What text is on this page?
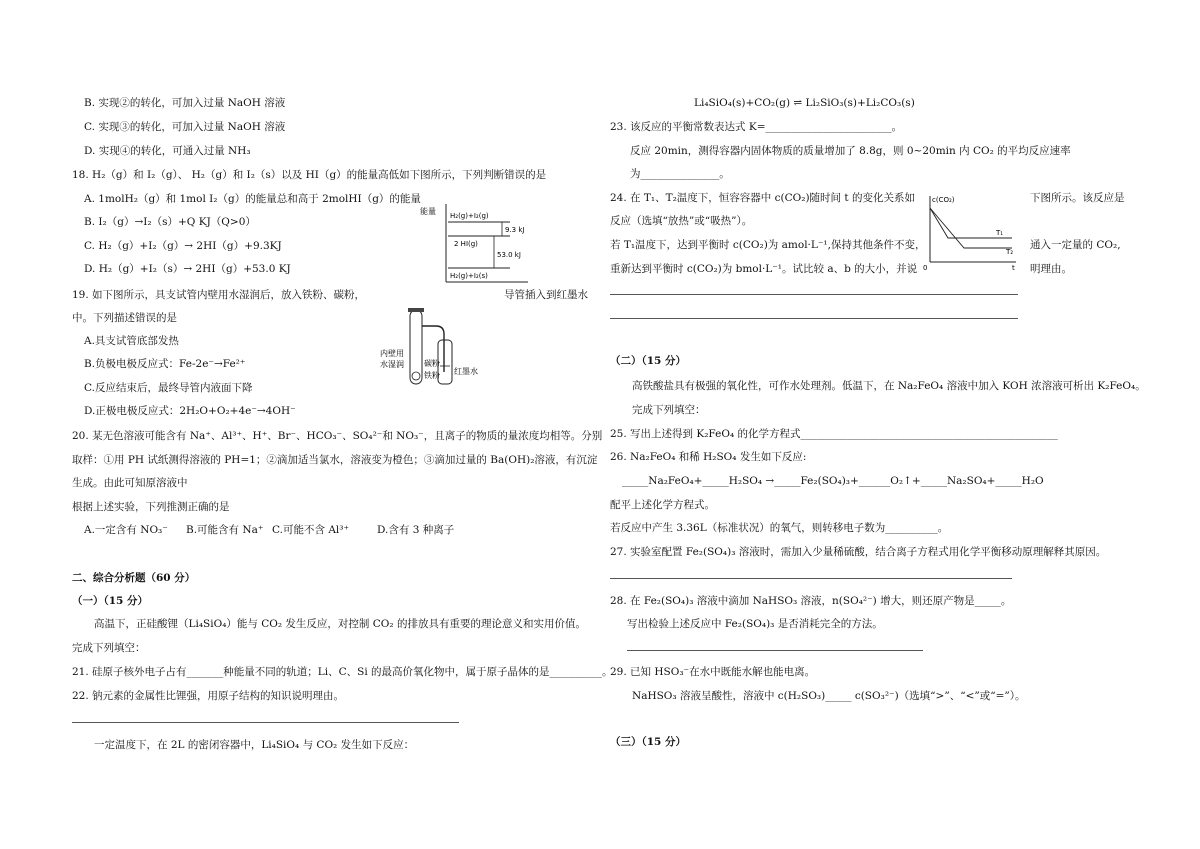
B. 实现②的转化，可加入过量 NaOH 溶液
C. 实现③的转化，可加入过量 NaOH 溶液
D. 实现④的转化，可通入过量 NH₃
18. H₂（g）和 I₂（g）、 H₂（g）和 I₂（s）以及 HI（g）的能量高低如下图所示，下列判断错误的是
A. 1molH₂（g）和 1mol I₂（g）的能量总和高于 2molHI（g）的能量
B. I₂（g）→I₂（s）+Q KJ（Q>0）
C. H₂（g）+I₂（g）→ 2HI（g）+9.3KJ
D. H₂（g）+I₂（s）→ 2HI（g）+53.0 KJ
能量 H₂(g)+I₂(g)
2 HI(g)
H₂(g)+I₂(s)
9.3 kJ
53.0 kJ
19. 如下图所示，具支试管内壁用水湿润后，放入铁粉、碳粉，	导管插入到红墨水
中。下列描述错误的是
A.具支试管底部发热
B.负极电极反应式：Fe-2e⁻→Fe²⁺
C.反应结束后，最终导管内液面下降
D.正极电极反应式：2H₂O+O₂+4e⁻→4OH⁻
内壁用
水湿润	碳粉
铁粉 红墨水
20. 某无色溶液可能含有 Na⁺、Al³⁺、H⁺、Br⁻、HCO₃⁻、SO₄²⁻和 NO₃⁻，且离子的物质的量浓度均相等。分别
取样：①用 PH 试纸测得溶液的 PH=1；②滴加适当氯水，溶液变为橙色；③滴加过量的 Ba(OH)₂溶液，有沉淀
生成。由此可知原溶液中
根据上述实验，下列推测正确的是
A.一定含有 NO₃⁻ B.可能含有 Na⁺ C.可能不含 Al³⁺	D.含有 3 种离子
二、综合分析题（60 分）
（一）（15 分）
高温下，正硅酸锂（Li₄SiO₄）能与 CO₂ 发生反应，对控制 CO₂ 的排放具有重要的理论意义和实用价值。
完成下列填空：
21. 硅原子核外电子占有_______种能量不同的轨道；Li、C、Si 的最高价氧化物中，属于原子晶体的是__________。
22. 钠元素的金属性比锂强，用原子结构的知识说明理由。
一定温度下，在 2L 的密闭容器中，Li₄SiO₄ 与 CO₂ 发生如下反应：
Li₄SiO₄(s)+CO₂(g) ⇌ Li₂SiO₃(s)+Li₂CO₃(s)
23. 该反应的平衡常数表达式 K=________________________。
反应 20min，测得容器内固体物质的质量增加了 8.8g，则 0~20min 内 CO₂ 的平均反应速率
为_______________。
24. 在 T₁、T₂温度下，恒容容器中 c(CO₂)随时间 t 的变化关系如	下图所示。该反应是
反应（选填“放热”或“吸热”）。
若 T₁温度下，达到平衡时 c(CO₂)为 amol·L⁻¹,保持其他条件不变，	通入一定量的 CO₂,
重新达到平衡时 c(CO₂)为 bmol·L⁻¹。试比较 a、b 的大小，并说	明理由。
c(CO₂)
T₁
T₂
0	t
（二）（15 分）
高铁酸盐具有极强的氧化性，可作水处理剂。低温下，在 Na₂FeO₄ 溶液中加入 KOH 浓溶液可析出 K₂FeO₄。
完成下列填空：
25. 写出上述得到 K₂FeO₄ 的化学方程式_________________________________________________
26. Na₂FeO₄ 和稀 H₂SO₄ 发生如下反应:
_____Na₂FeO₄+_____H₂SO₄ →_____Fe₂(SO₄)₃+______O₂↑+_____Na₂SO₄+_____H₂O
配平上述化学方程式。
若反应中产生 3.36L（标准状况）的氧气，则转移电子数为__________。
27. 实验室配置 Fe₂(SO₄)₃ 溶液时，需加入少量稀硫酸，结合离子方程式用化学平衡移动原理解释其原因。
28. 在 Fe₂(SO₄)₃ 溶液中滴加 NaHSO₃ 溶液，n(SO₄²⁻) 增大，则还原产物是_____。
写出检验上述反应中 Fe₂(SO₄)₃ 是否消耗完全的方法。
29. 已知 HSO₃⁻在水中既能水解也能电离。
NaHSO₃ 溶液呈酸性，溶液中 c(H₂SO₃)_____ c(SO₃²⁻)（选填“>”、“<”或“=”）。
（三）（15 分）
